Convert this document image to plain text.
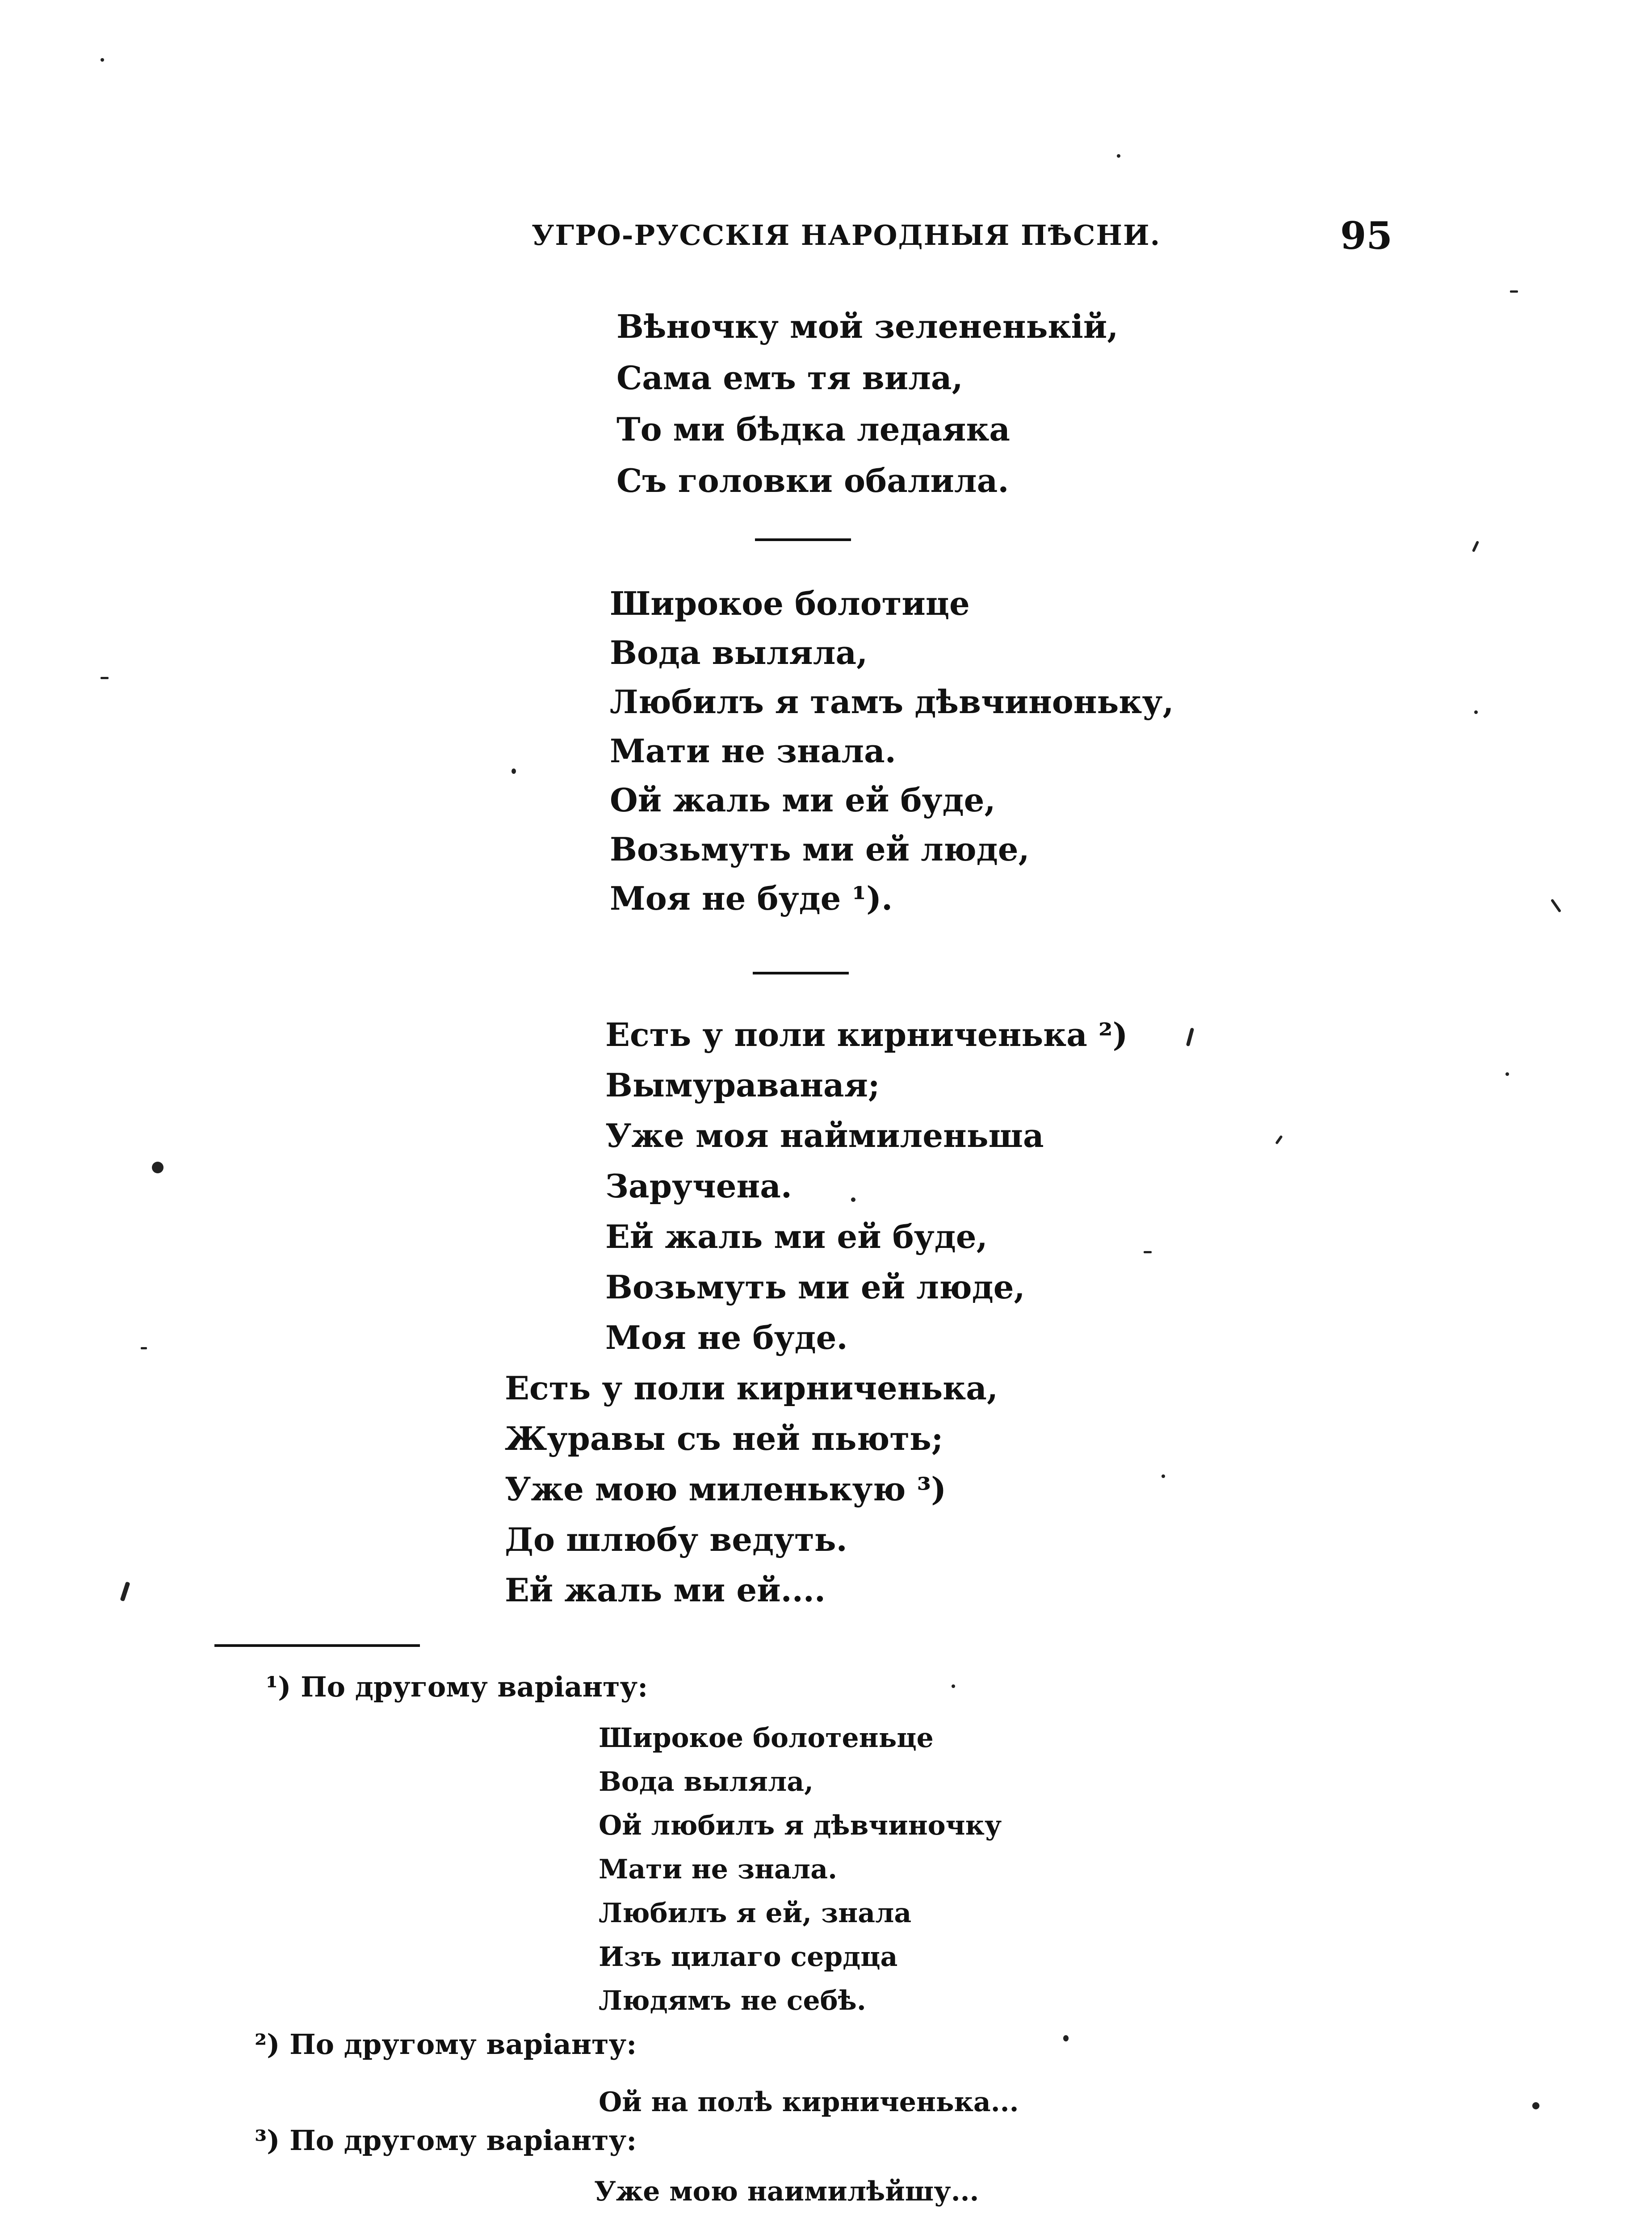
УГРО-РУССКІЯ НАРОДНЫЯ ПѢСНИ.	95
Вѣночку мой зелененькій,
Сама емъ тя вила,
То ми бѣдка ледаяка
Съ головки обалила.
Широкое болотице
Вода выляла,
Любилъ я тамъ дѣвчиноньку,
Мати не знала.
Ой жаль ми ей буде,
Возьмуть ми ей люде,
Моя не буде ¹).
Есть у поли кирниченька ²)
Вымураваная;
Уже моя наймиленьша
Заручена.
Ей жаль ми ей буде,
Возьмуть ми ей люде,
Моя не буде.
Есть у поли кирниченька,
Журавы съ ней пьють;
Уже мою миленькую ³)
До шлюбу ведуть.
Ей жаль ми ей....
¹) По другому варіанту:
Широкое болотеньце
Вода выляла,
Ой любилъ я дѣвчиночку
Мати не знала.
Любилъ я ей, знала
Изъ цилаго сердца
Людямъ не себѣ.
²) По другому варіанту:
Ой на полѣ кирниченька...
³) По другому варіанту:
Уже мою наимилѣйшу...
